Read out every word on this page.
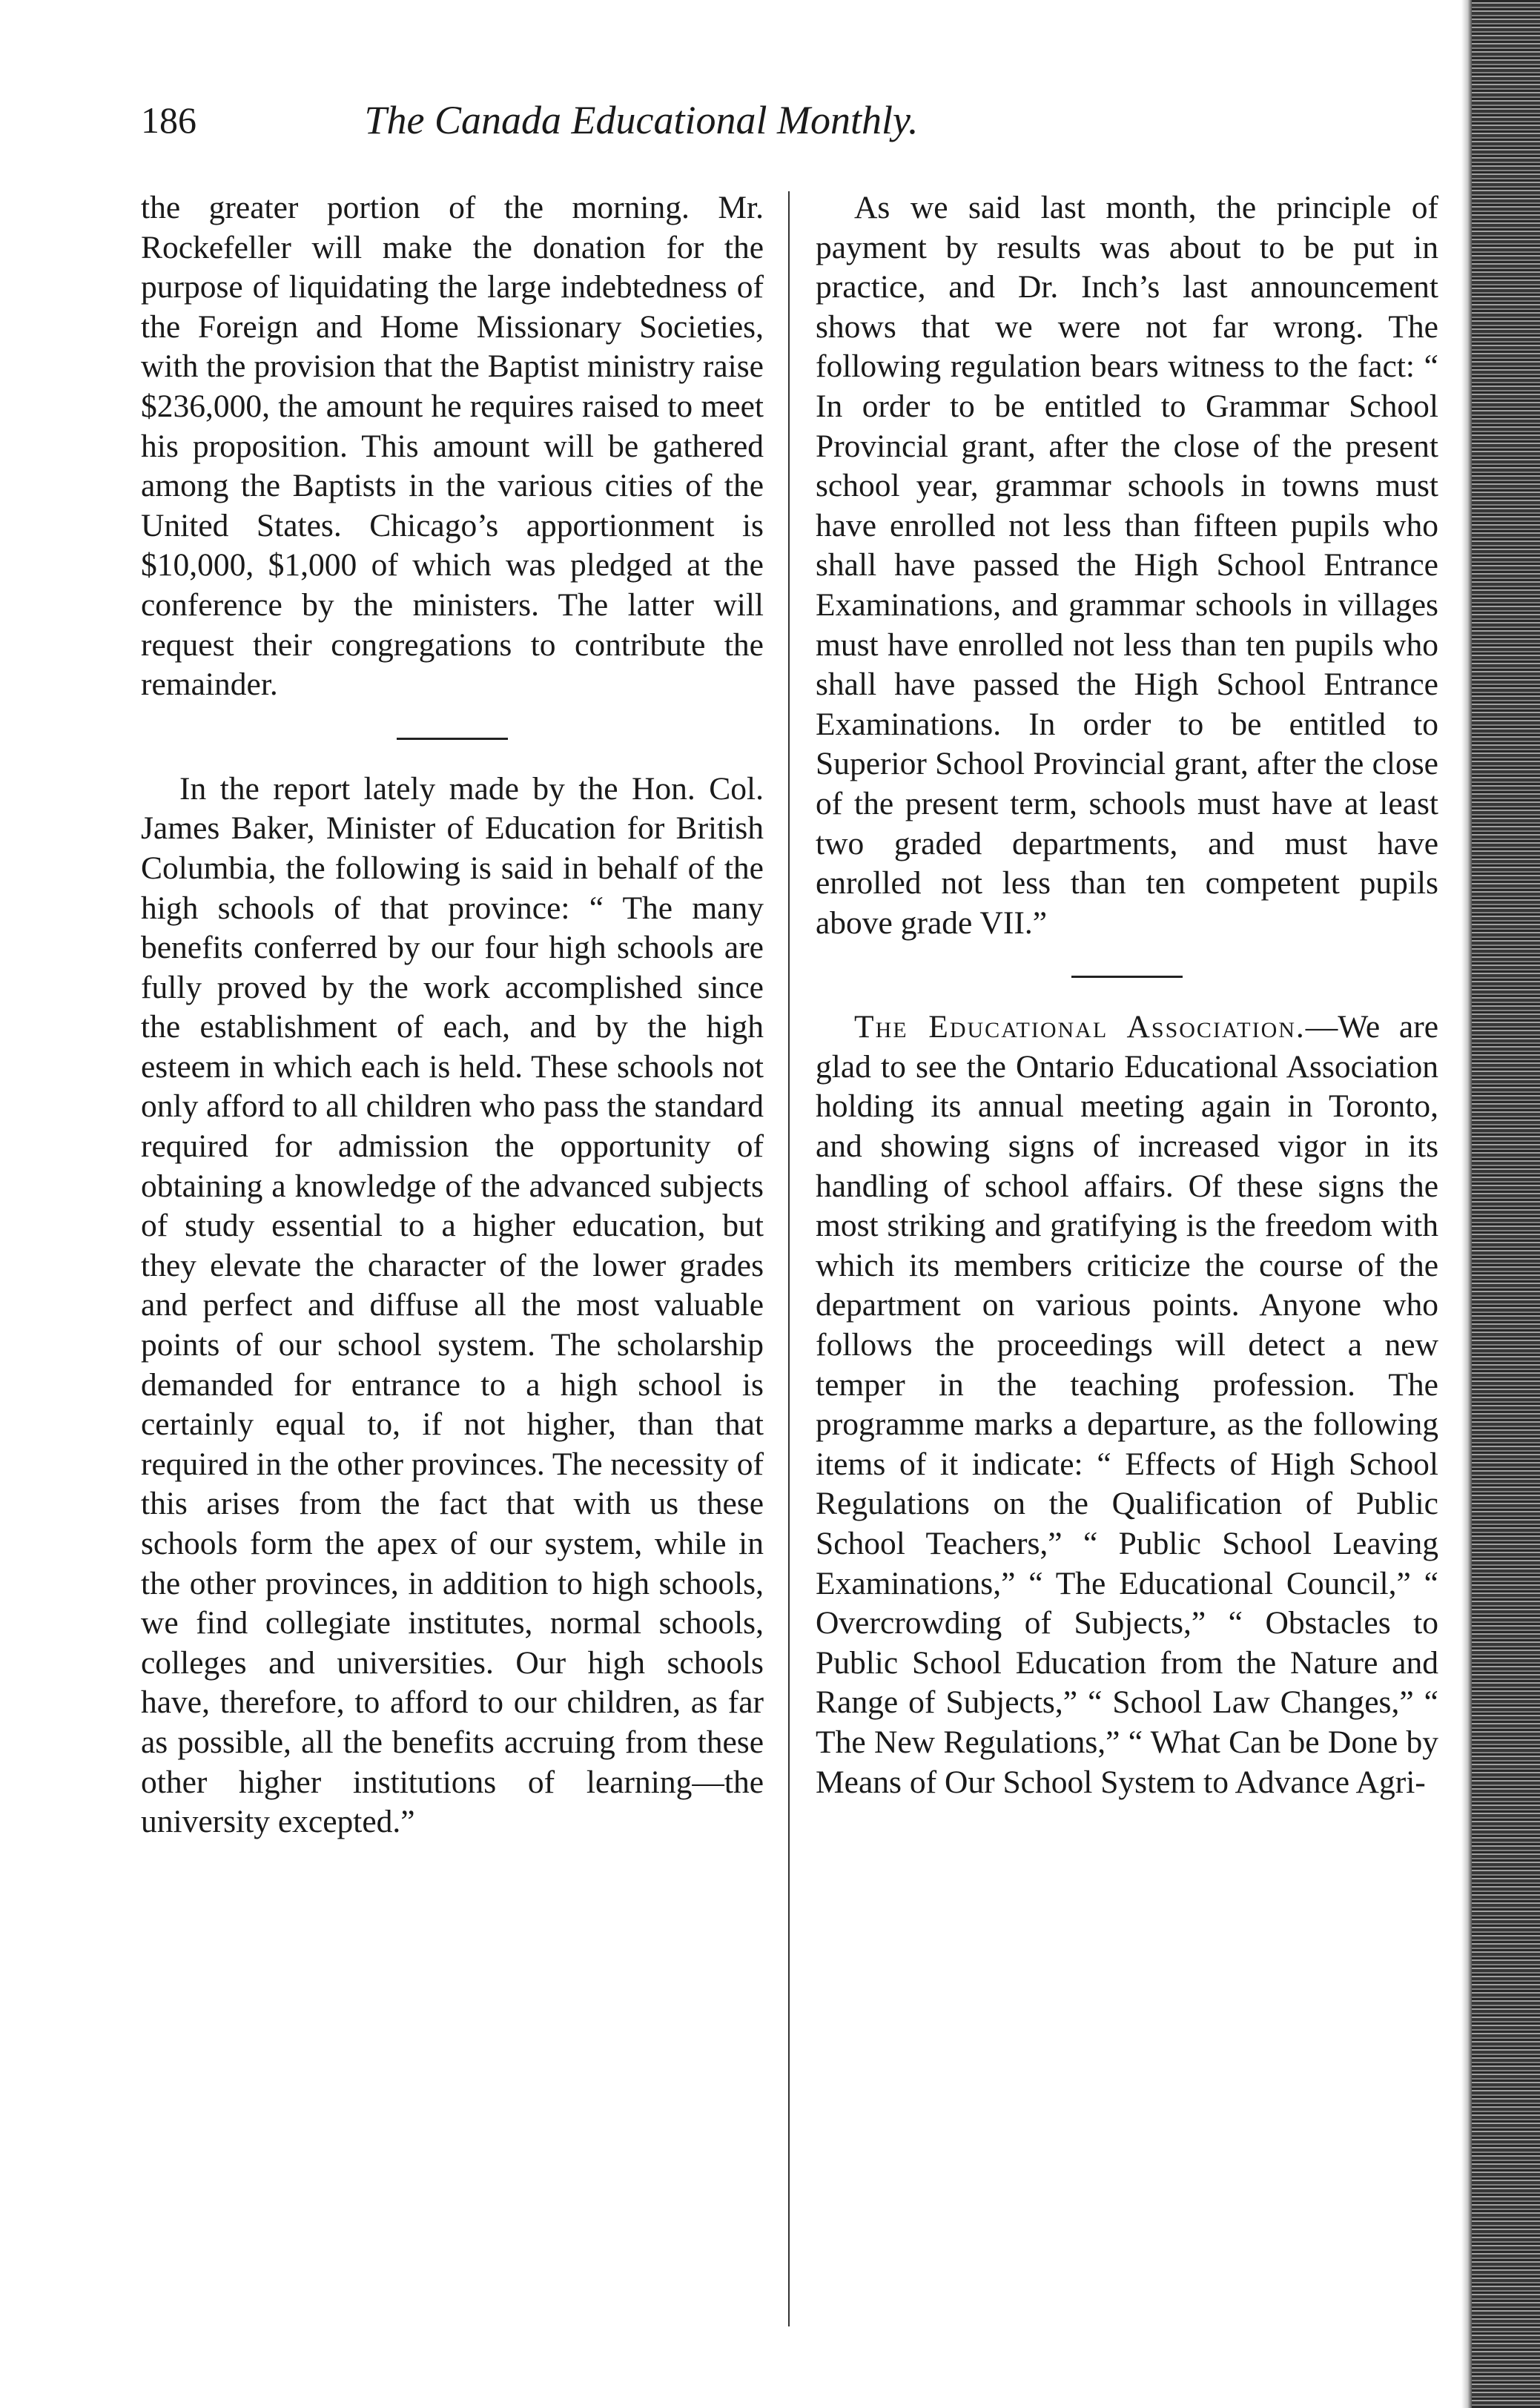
186	The Canada Educational Monthly.

the greater portion of the morning. Mr. Rockefeller will make the donation for the purpose of liquidating the large indebtedness of the Foreign and Home Missionary Societies, with the provision that the Baptist ministry raise $236,000, the amount he requires raised to meet his proposition. This amount will be gathered among the Baptists in the various cities of the United States. Chicago’s apportionment is $10,000, $1,000 of which was pledged at the conference by the ministers. The latter will request their congregations to contribute the remainder.

In the report lately made by the Hon. Col. James Baker, Minister of Education for British Columbia, the following is said in behalf of the high schools of that province: “ The many benefits conferred by our four high schools are fully proved by the work accomplished since the establishment of each, and by the high esteem in which each is held. These schools not only afford to all children who pass the standard required for admission the opportunity of obtaining a knowledge of the advanced subjects of study essential to a higher education, but they elevate the character of the lower grades and perfect and diffuse all the most valuable points of our school system. The scholarship demanded for entrance to a high school is certainly equal to, if not higher, than that required in the other provinces. The necessity of this arises from the fact that with us these schools form the apex of our system, while in the other provinces, in addition to high schools, we find collegiate institutes, normal schools, colleges and universities. Our high schools have, therefore, to afford to our children, as far as possible, all the benefits accruing from these other higher institutions of learning—the university excepted.”

As we said last month, the principle of payment by results was about to be put in practice, and Dr. Inch’s last announcement shows that we were not far wrong. The following regulation bears witness to the fact: “ In order to be entitled to Grammar School Provincial grant, after the close of the present school year, grammar schools in towns must have enrolled not less than fifteen pupils who shall have passed the High School Entrance Examinations, and grammar schools in villages must have enrolled not less than ten pupils who shall have passed the High School Entrance Examinations. In order to be entitled to Superior School Provincial grant, after the close of the present term, schools must have at least two graded departments, and must have enrolled not less than ten competent pupils above grade VII.”

The Educational Association.—We are glad to see the Ontario Educational Association holding its annual meeting again in Toronto, and showing signs of increased vigor in its handling of school affairs. Of these signs the most striking and gratifying is the freedom with which its members criticize the course of the department on various points. Anyone who follows the proceedings will detect a new temper in the teaching profession. The programme marks a departure, as the following items of it indicate: “ Effects of High School Regulations on the Qualification of Public School Teachers,” “ Public School Leaving Examinations,” “ The Educational Council,” “ Overcrowding of Subjects,” “ Obstacles to Public School Education from the Nature and Range of Subjects,” “ School Law Changes,” “ The New Regulations,” “ What Can be Done by Means of Our School System to Advance Agri-
